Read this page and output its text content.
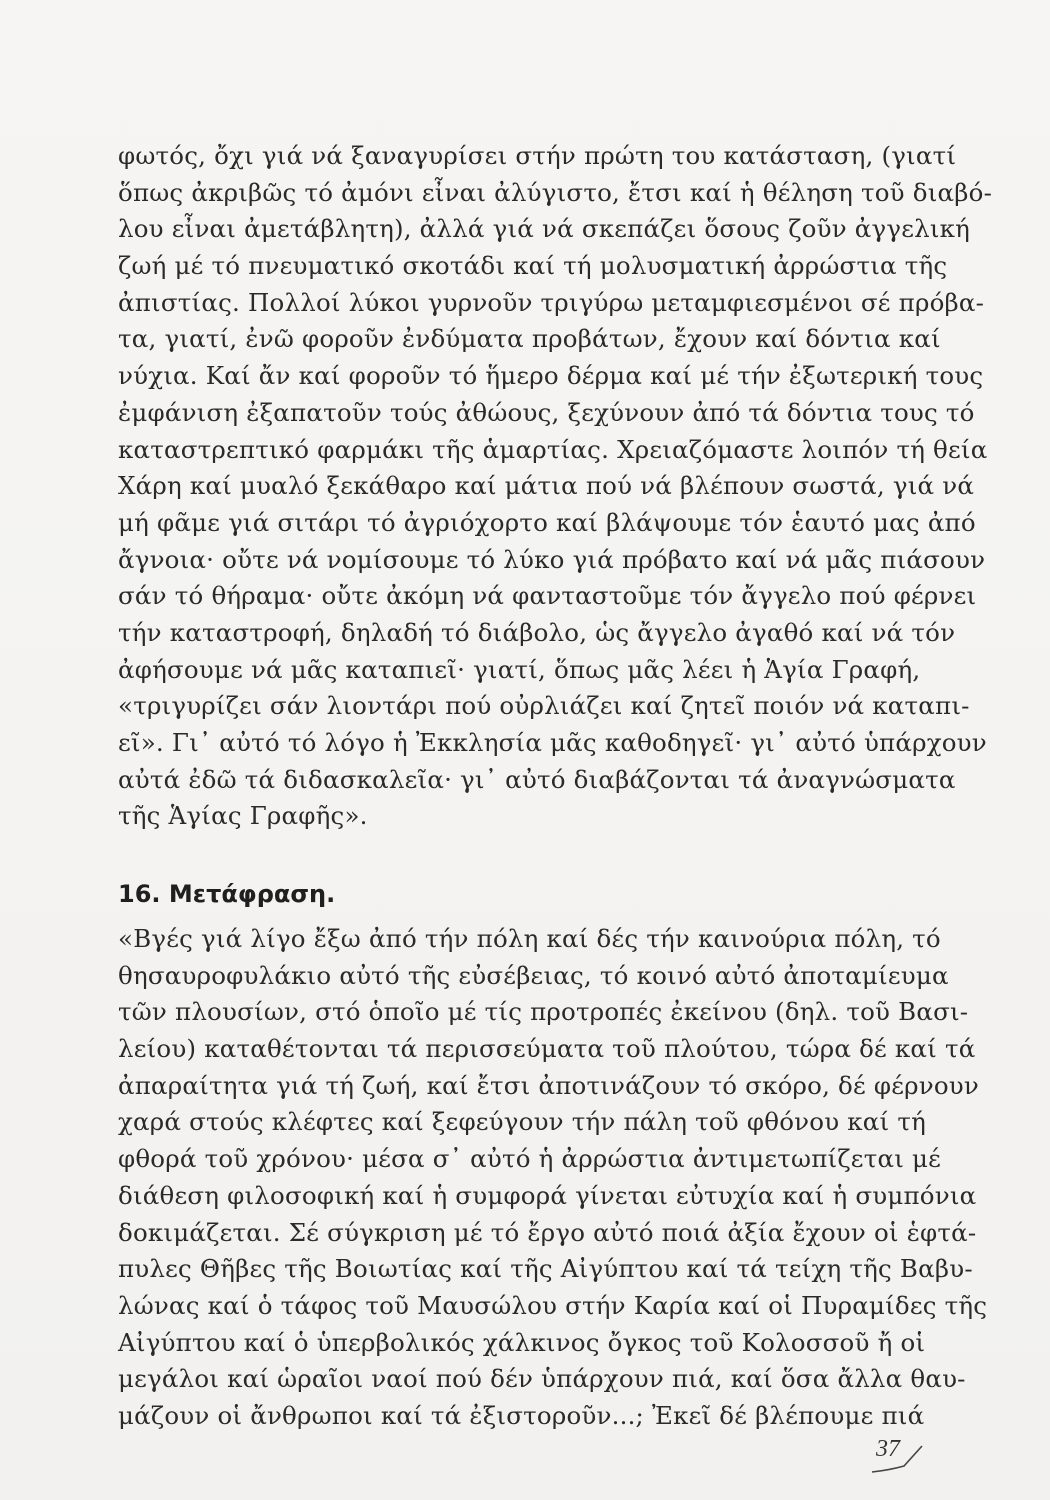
φωτός, ὄχι γιά νά ξαναγυρίσει στήν πρώτη του κατάσταση, (γιατί
ὅπως ἀκριβῶς τό ἀμόνι εἶναι ἀλύγιστο, ἔτσι καί ἡ θέληση τοῦ διαβό-
λου εἶναι ἀμετάβλητη), ἀλλά γιά νά σκεπάζει ὅσους ζοῦν ἀγγελική
ζωή μέ τό πνευματικό σκοτάδι καί τή μολυσματική ἀρρώστια τῆς
ἀπιστίας. Πολλοί λύκοι γυρνοῦν τριγύρω μεταμφιεσμένοι σέ πρόβα-
τα, γιατί, ἐνῶ φοροῦν ἐνδύματα προβάτων, ἔχουν καί δόντια καί
νύχια. Καί ἄν καί φοροῦν τό ἥμερο δέρμα καί μέ τήν ἐξωτερική τους
ἐμφάνιση ἐξαπατοῦν τούς ἀθώους, ξεχύνουν ἀπό τά δόντια τους τό
καταστρεπτικό φαρμάκι τῆς ἁμαρτίας. Χρειαζόμαστε λοιπόν τή θεία
Χάρη καί μυαλό ξεκάθαρο καί μάτια πού νά βλέπουν σωστά, γιά νά
μή φᾶμε γιά σιτάρι τό ἀγριόχορτο καί βλάψουμε τόν ἑαυτό μας ἀπό
ἄγνοια· οὔτε νά νομίσουμε τό λύκο γιά πρόβατο καί νά μᾶς πιάσουν
σάν τό θήραμα· οὔτε ἀκόμη νά φανταστοῦμε τόν ἄγγελο πού φέρνει
τήν καταστροφή, δηλαδή τό διάβολο, ὡς ἄγγελο ἀγαθό καί νά τόν
ἀφήσουμε νά μᾶς καταπιεῖ· γιατί, ὅπως μᾶς λέει ἡ Ἁγία Γραφή,
«τριγυρίζει σάν λιοντάρι πού οὐρλιάζει καί ζητεῖ ποιόν νά καταπι-
εῖ». Γι᾿ αὐτό τό λόγο ἡ Ἐκκλησία μᾶς καθοδηγεῖ· γι᾿ αὐτό ὑπάρχουν
αὐτά ἐδῶ τά διδασκαλεῖα· γι᾿ αὐτό διαβάζονται τά ἀναγνώσματα
τῆς Ἁγίας Γραφῆς».
16. Μετάφραση.
«Βγές γιά λίγο ἔξω ἀπό τήν πόλη καί δές τήν καινούρια πόλη, τό
θησαυροφυλάκιο αὐτό τῆς εὐσέβειας, τό κοινό αὐτό ἀποταμίευμα
τῶν πλουσίων, στό ὁποῖο μέ τίς προτροπές ἐκείνου (δηλ. τοῦ Βασι-
λείου) καταθέτονται τά περισσεύματα τοῦ πλούτου, τώρα δέ καί τά
ἀπαραίτητα γιά τή ζωή, καί ἔτσι ἀποτινάζουν τό σκόρο, δέ φέρνουν
χαρά στούς κλέφτες καί ξεφεύγουν τήν πάλη τοῦ φθόνου καί τή
φθορά τοῦ χρόνου· μέσα σ᾿ αὐτό ἡ ἀρρώστια ἀντιμετωπίζεται μέ
διάθεση φιλοσοφική καί ἡ συμφορά γίνεται εὐτυχία καί ἡ συμπόνια
δοκιμάζεται. Σέ σύγκριση μέ τό ἔργο αὐτό ποιά ἀξία ἔχουν οἱ ἑφτά-
πυλες Θῆβες τῆς Βοιωτίας καί τῆς Αἰγύπτου καί τά τείχη τῆς Βαβυ-
λώνας καί ὁ τάφος τοῦ Μαυσώλου στήν Καρία καί οἱ Πυραμίδες τῆς
Αἰγύπτου καί ὁ ὑπερβολικός χάλκινος ὄγκος τοῦ Κολοσσοῦ ἤ οἱ
μεγάλοι καί ὡραῖοι ναοί πού δέν ὑπάρχουν πιά, καί ὅσα ἄλλα θαυ-
μάζουν οἱ ἄνθρωποι καί τά ἐξιστοροῦν...; Ἐκεῖ δέ βλέπουμε πιά
37
